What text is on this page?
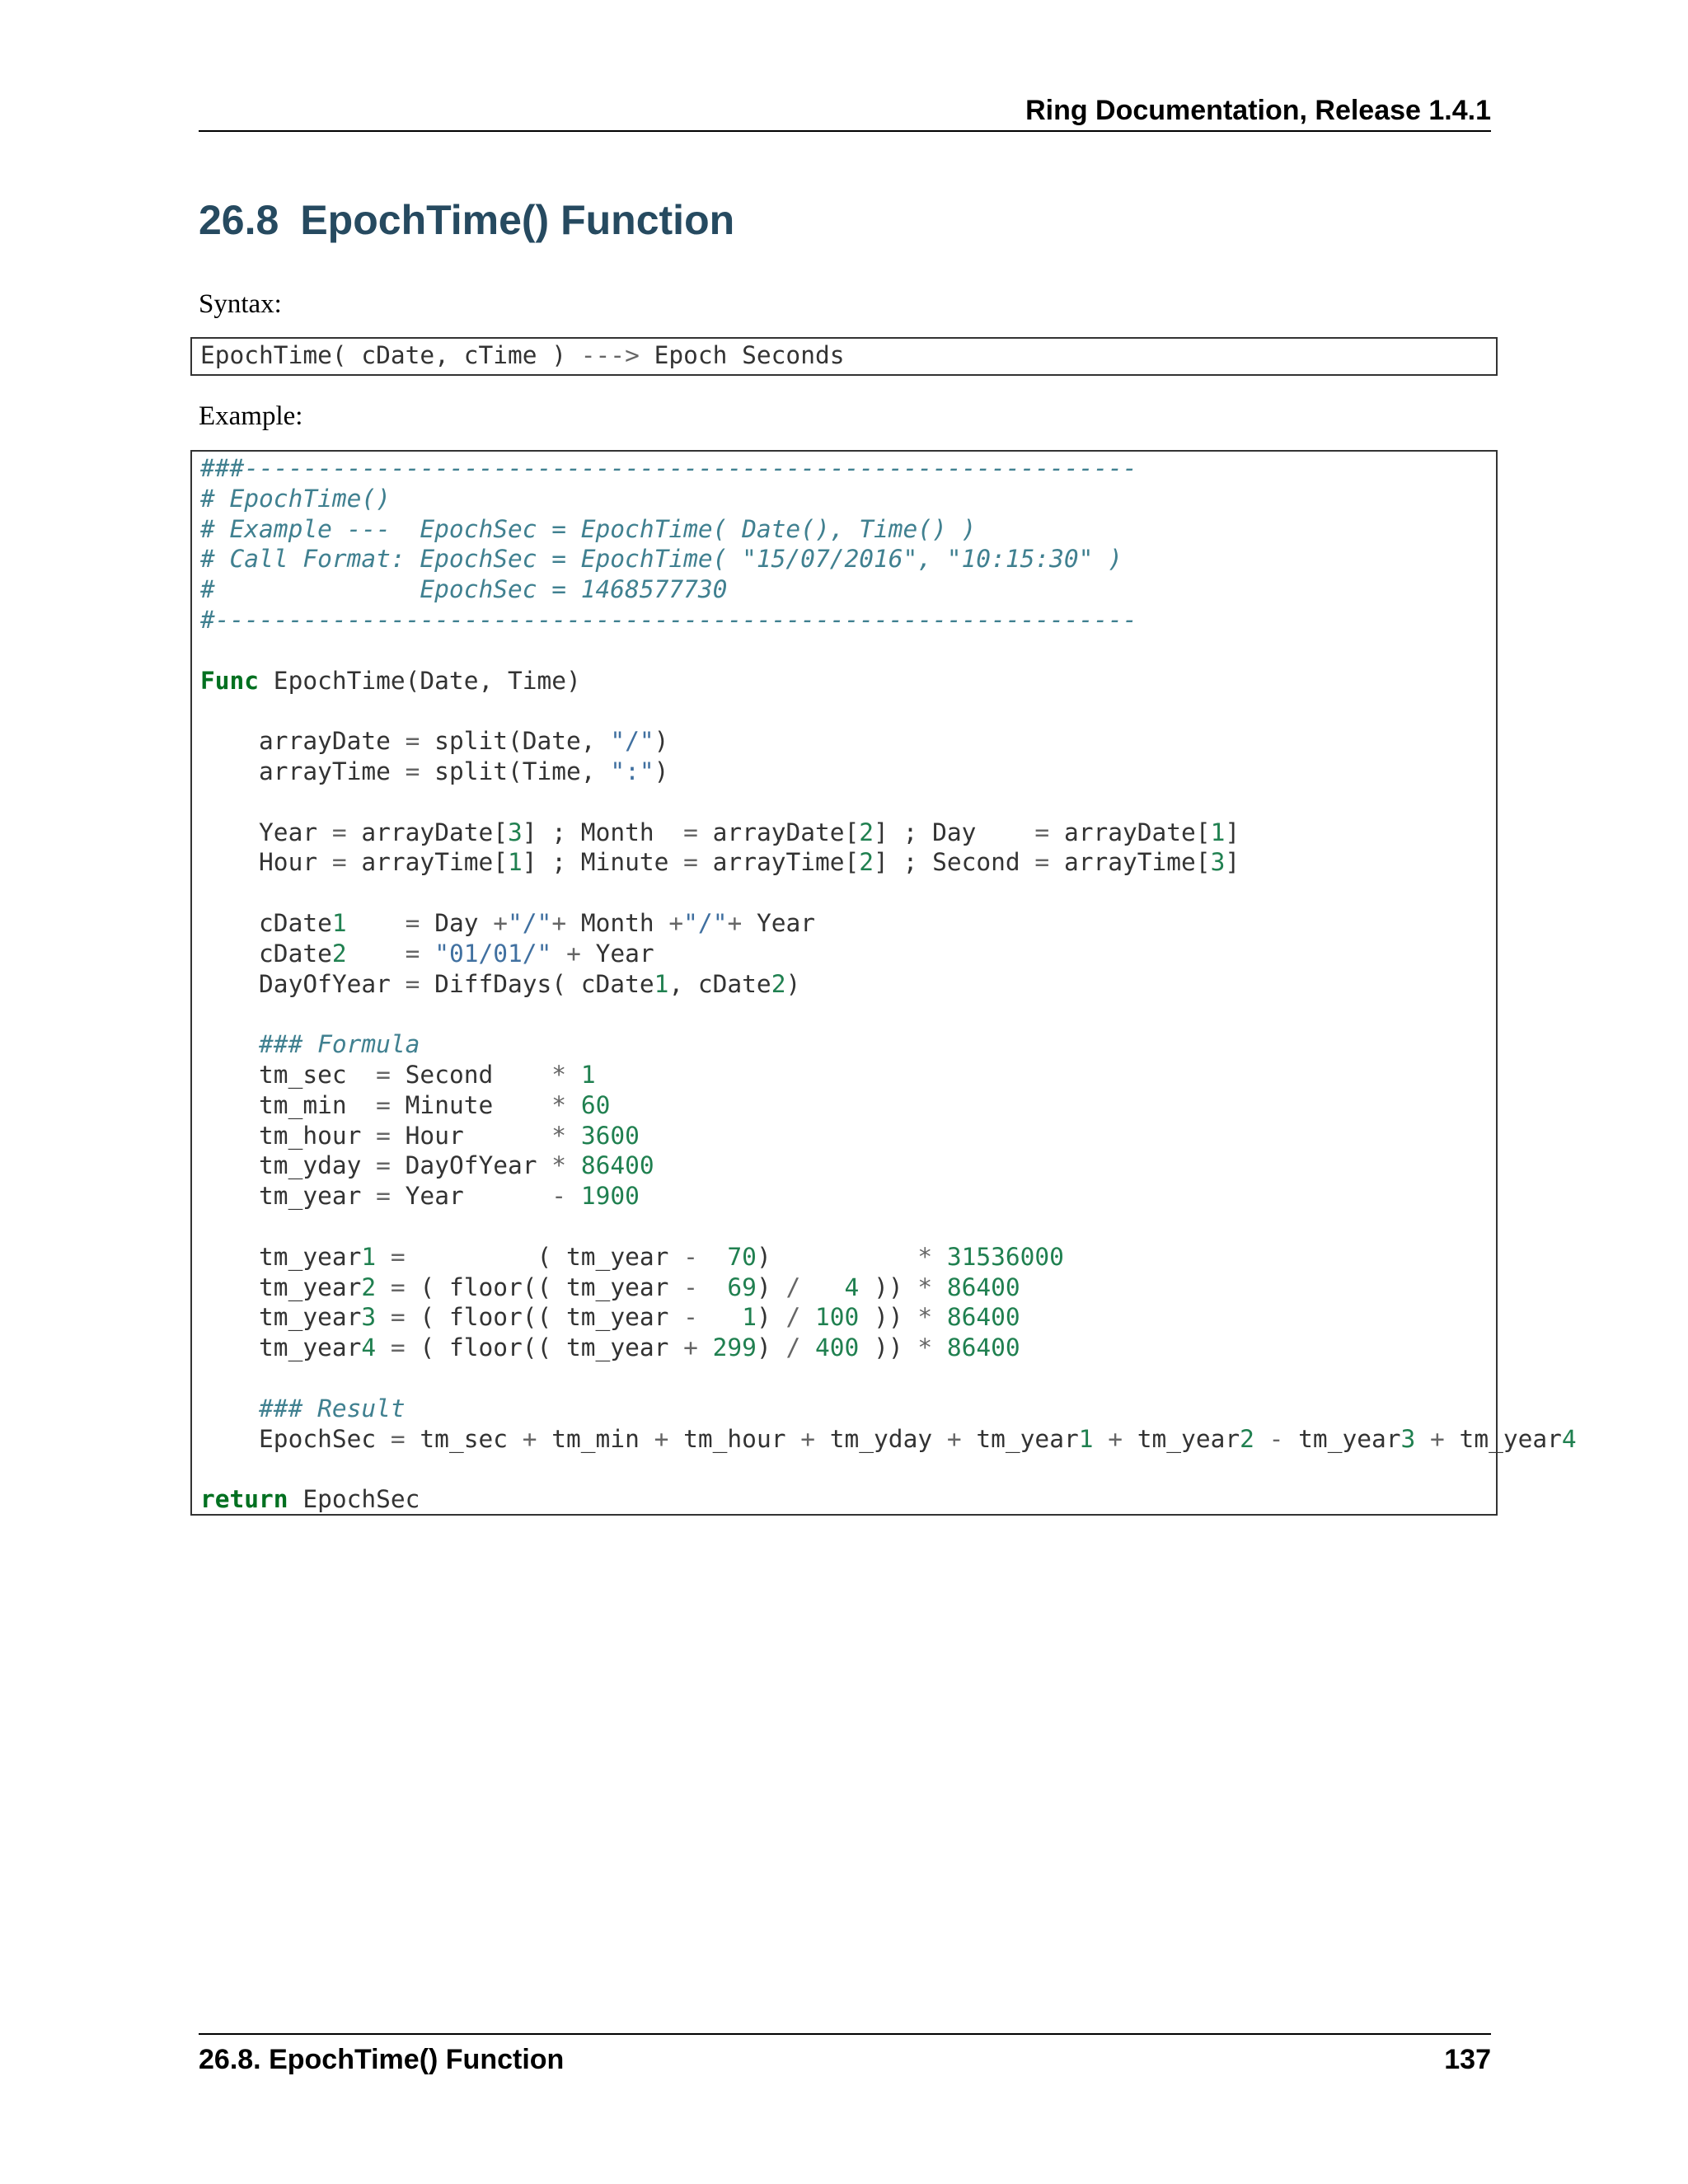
Ring Documentation, Release 1.4.1
26.8 EpochTime() Function
Syntax:
EpochTime( cDate, cTime ) ---> Epoch Seconds
Example:
###-------------------------------------------------------------
# EpochTime()
# Example ---  EpochSec = EpochTime( Date(), Time() )
# Call Format: EpochSec = EpochTime( "15/07/2016", "10:15:30" )
#              EpochSec = 1468577730
#---------------------------------------------------------------

Func EpochTime(Date, Time)

arrayDate = split(Date, "/")
arrayTime = split(Time, ":")

Year = arrayDate[3] ; Month  = arrayDate[2] ; Day    = arrayDate[1]
Hour = arrayTime[1] ; Minute = arrayTime[2] ; Second = arrayTime[3]

cDate1 = Day +"/"+ Month +"/"+ Year
cDate2 = "01/01/" + Year
DayOfYear = DiffDays( cDate1, cDate2)

### Formula
tm_sec  = Second    * 1
tm_min  = Minute    * 60
tm_hour = Hour      * 3600
tm_yday = DayOfYear * 86400
tm_year = Year      - 1900

tm_year1 =         ( tm_year - 70)          * 31536000
tm_year2 = ( floor(( tm_year - 69) / 4 )) * 86400
tm_year3 = ( floor(( tm_year - 1) / 100 )) * 86400
tm_year4 = ( floor(( tm_year + 299) / 400 )) * 86400

### Result
EpochSec = tm_sec + tm_min + tm_hour + tm_yday + tm_year1 + tm_year2 - tm_year3 + tm_year4

return EpochSec
26.8. EpochTime() Function	137
